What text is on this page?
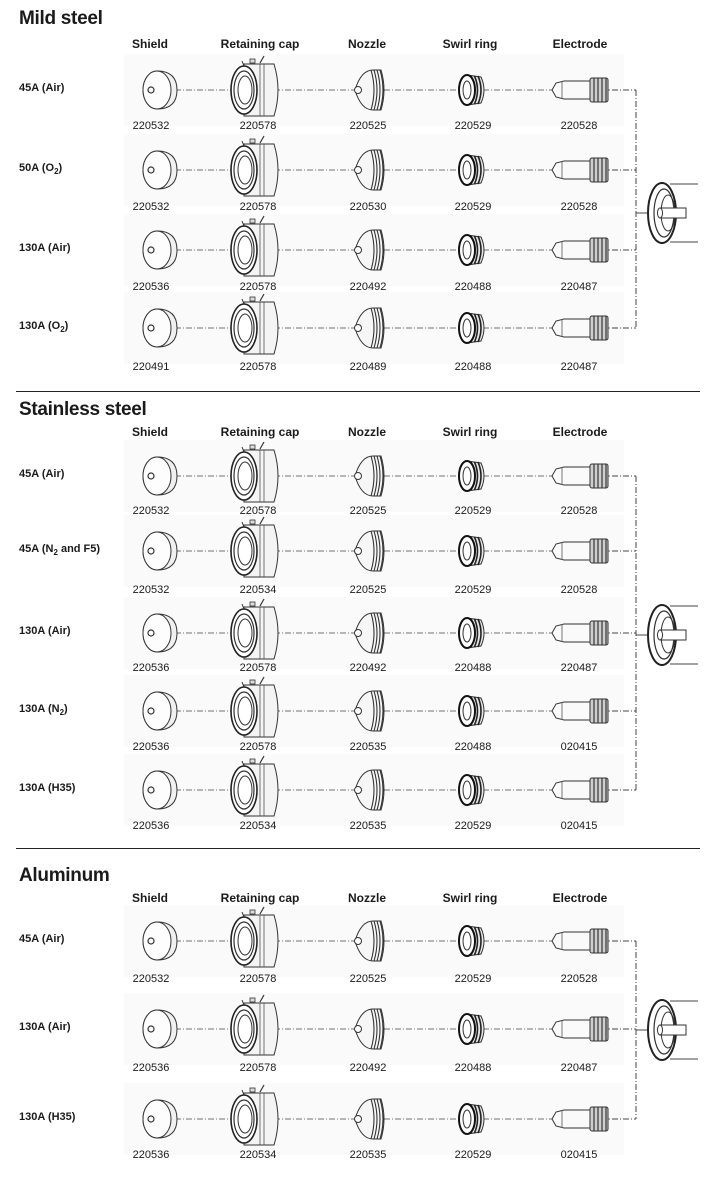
Mild steel
Shield	Retaining cap	Nozzle	Swirl ring	Electrode
45A (Air)
220532	220578	220525	220529	220528
50A $(O_2)$
220532	220578	220530	220529	220528
130A (Air)
220536	220578	220492	220488	220487
130A $(O_2)$
220491	220578	220489	220488	220487
Stainless steel
Shield	Retaining cap	Nozzle	Swirl ring	Electrode
45A (Air)
220532	220578	220525	220529	220528
45A ($N_2$ and F5)
220532	220534	220525	220529	220528
130A (Air)
220536	220578	220492	220488	220487
130A $(N_2)$
220536	220578	220535	220488	020415
130A (H35)
220536	220534	220535	220529	020415
Aluminum
Shield	Retaining cap	Nozzle	Swirl ring	Electrode
45A (Air)
220532	220578	220525	220529	220528
130A (Air)
220536	220578	220492	220488	220487
130A (H35)
220536	220534	220535	220529	020415
